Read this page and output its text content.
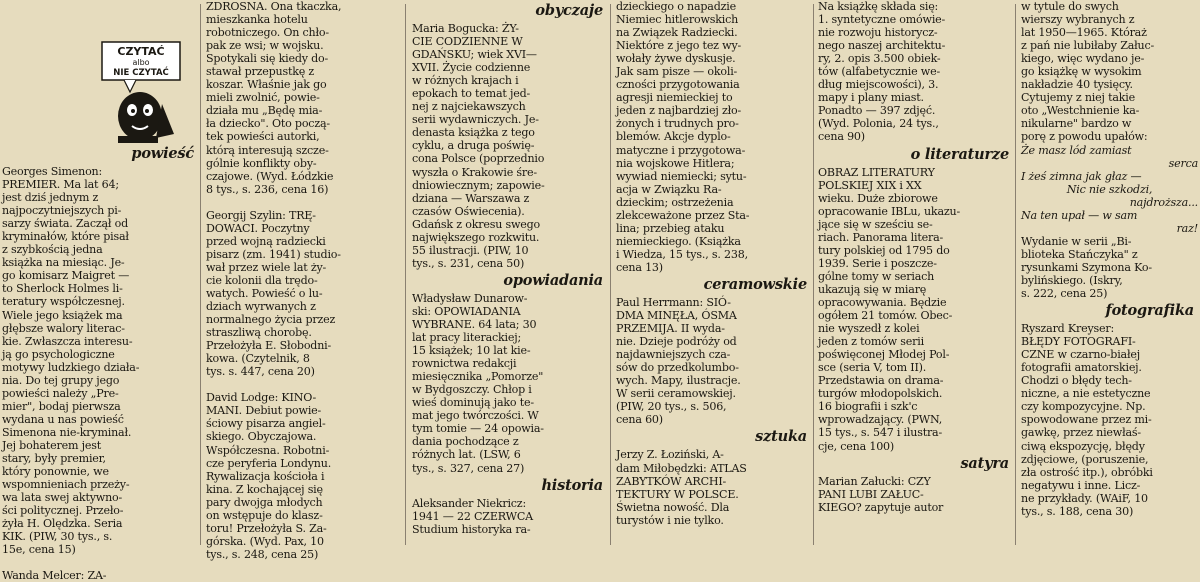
CZYTAĆ
albo
NIE CZYTAĆ
powieść
Georges Simenon:
PREMIER. Ma lat 64;
jest dziś jednym z
najpoczytniejszych pi-
sarzy świata. Zaczął od
kryminałów, które pisał
z szybkością jedna
książka na miesiąc. Je-
go komisarz Maigret —
to Sherlock Holmes li-
teratury współczesnej.
Wiele jego książek ma
głębsze walory literac-
kie. Zwłaszcza interesu-
ją go psychologiczne
motywy ludzkiego działa-
nia. Do tej grupy jego
powieści należy „Pre-
mier", bodaj pierwsza
wydana u nas powieść
Simenona nie-kryminał.
Jej bohaterem jest
stary, były premier,
który ponownie, we
wspomnieniach przeży-
wa lata swej aktywno-
ści politycznej. Przeło-
żyła H. Olędzka. Seria
KIK. (PIW, 30 tys., s.
15e, cena 15)
Wanda Melcer: ZA-
ZDROSNA. Ona tkaczka,
mieszkanka hotelu
robotniczego. On chło-
pak ze wsi; w wojsku.
Spotykali się kiedy do-
stawał przepustkę z
koszar. Właśnie jak go
mieli zwolnić, powie-
działa mu „Będę mia-
ła dziecko". Oto począ-
tek powieści autorki,
którą interesują szcze-
gólnie konflikty oby-
czajowe. (Wyd. Łódzkie
8 tys., s. 236, cena 16)
Georgij Szylin: TRĘ-
DOWACI. Poczytny
przed wojną radziecki
pisarz (zm. 1941) studio-
wał przez wiele lat ży-
cie kolonii dla trędo-
watych. Powieść o lu-
dziach wyrwanych z
normalnego życia przez
straszliwą chorobę.
Przełożyła E. Słobodni-
kowa. (Czytelnik, 8
tys. s. 447, cena 20)
David Lodge: KINO-
MANI. Debiut powie-
ściowy pisarza angiel-
skiego. Obyczajowa.
Współczesna. Robotni-
cze peryferia Londynu.
Rywalizacja kościoła i
kina. Z kochającej się
pary dwojga młodych
on wstępuje do klasz-
toru! Przełożyła S. Za-
górska. (Wyd. Pax, 10
tys., s. 248, cena 25)
obyczaje
Maria Bogucka: ŻY-
CIE CODZIENNE W
GDAŃSKU; wiek XVI—
XVII. Życie codzienne
w różnych krajach i
epokach to temat jed-
nej z najciekawszych
serii wydawniczych. Je-
denasta książka z tego
cyklu, a druga poświę-
cona Polsce (poprzednio
wyszła o Krakowie śre-
dniowiecznym; zapowie-
dziana — Warszawa z
czasów Oświecenia).
Gdańsk z okresu swego
największego rozkwitu.
55 ilustracji. (PIW, 10
tys., s. 231, cena 50)
opowiadania
Władysław Dunarow-
ski: OPOWIADANIA
WYBRANE. 64 lata; 30
lat pracy literackiej;
15 książek; 10 lat kie-
rownictwa redakcji
miesięcznika „Pomorze"
w Bydgoszczy. Chłop i
wieś dominują jako te-
mat jego twórczości. W
tym tomie — 24 opowia-
dania pochodzące z
różnych lat. (LSW, 6
tys., s. 327, cena 27)
historia
Aleksander Niekricz:
1941 — 22 CZERWCA
Studium historyka ra-
dzieckiego o napadzie
Niemiec hitlerowskich
na Związek Radziecki.
Niektóre z jego tez wy-
wołały żywe dyskusje.
Jak sam pisze — okoli-
czności przygotowania
agresji niemieckiej to
jeden z najbardziej zło-
żonych i trudnych pro-
blemów. Akcje dyplo-
matyczne i przygotowa-
nia wojskowe Hitlera;
wywiad niemiecki; sytu-
acja w Związku Ra-
dzieckim; ostrzeżenia
zlekceważone przez Sta-
lina; przebieg ataku
niemieckiego. (Książka
i Wiedza, 15 tys., s. 238,
cena 13)
ceramowskie
Paul Herrmann: SIÓ-
DMA MINĘŁA, ÓSMA
PRZEMIJA. II wyda-
nie. Dzieje podróży od
najdawniejszych cza-
sów do przedkolumbo-
wych. Mapy, ilustracje.
W serii ceramowskiej.
(PIW, 20 tys., s. 506,
cena 60)
sztuka
Jerzy Z. Łoziński, A-
dam Miłobędzki: ATLAS
ZABYTKÓW ARCHI-
TEKTURY W POLSCE.
Świetna nowość. Dla
turystów i nie tylko.
Na książkę składa się:
1. syntetyczne omówie-
nie rozwoju historycz-
nego naszej architektu-
ry, 2. opis 3.500 obiek-
tów (alfabetycznie we-
dług miejscowości), 3.
mapy i plany miast.
Ponadto — 397 zdjęć.
(Wyd. Polonia, 24 tys.,
cena 90)
o literaturze
OBRAZ LITERATURY
POLSKIEJ XIX i XX
wieku. Duże zbiorowe
opracowanie IBLu, ukazu-
jące się w sześciu se-
riach. Panorama litera-
tury polskiej od 1795 do
1939. Serie i poszcze-
gólne tomy w seriach
ukazują się w miarę
opracowywania. Będzie
ogółem 21 tomów. Obec-
nie wyszedł z kolei
jeden z tomów serii
poświęconej Młodej Pol-
sce (seria V, tom II).
Przedstawia on drama-
turgów młodopolskich.
16 biografii i szk'c
wprowadzający. (PWN,
15 tys., s. 547 i ilustra-
cje, cena 100)
satyra
Marian Załucki: CZY
PANI LUBI ZAŁUC-
KIEGO? zapytuje autor
w tytule do swych
wierszy wybranych z
lat 1950—1965. Któraż
z pań nie lubiłaby Załuc-
kiego, więc wydano je-
go książkę w wysokim
nakładzie 40 tysięcy.
Cytujemy z niej takie
oto „Westchnienie ka-
nikularne" bardzo w
porę z powodu upałów:
Że masz lód zamiast
serca
I żeś zimna jak głaz —
Nic nie szkodzi,
najdroższa...
Na ten upał — w sam
raz!
Wydanie w serii „Bi-
blioteka Stańczyka" z
rysunkami Szymona Ko-
bylińskiego. (Iskry,
s. 222, cena 25)
fotografika
Ryszard Kreyser:
BŁĘDY FOTOGRAFI-
CZNE w czarno-białej
fotografii amatorskiej.
Chodzi o błędy tech-
niczne, a nie estetyczne
czy kompozycyjne. Np.
spowodowane przez mi-
gawkę, przez niewłaś-
ciwą ekspozycję, błędy
zdjęciowe, (poruszenie,
zła ostrość itp.), obróbki
negatywu i inne. Licz-
ne przykłady. (WAiF, 10
tys., s. 188, cena 30)
